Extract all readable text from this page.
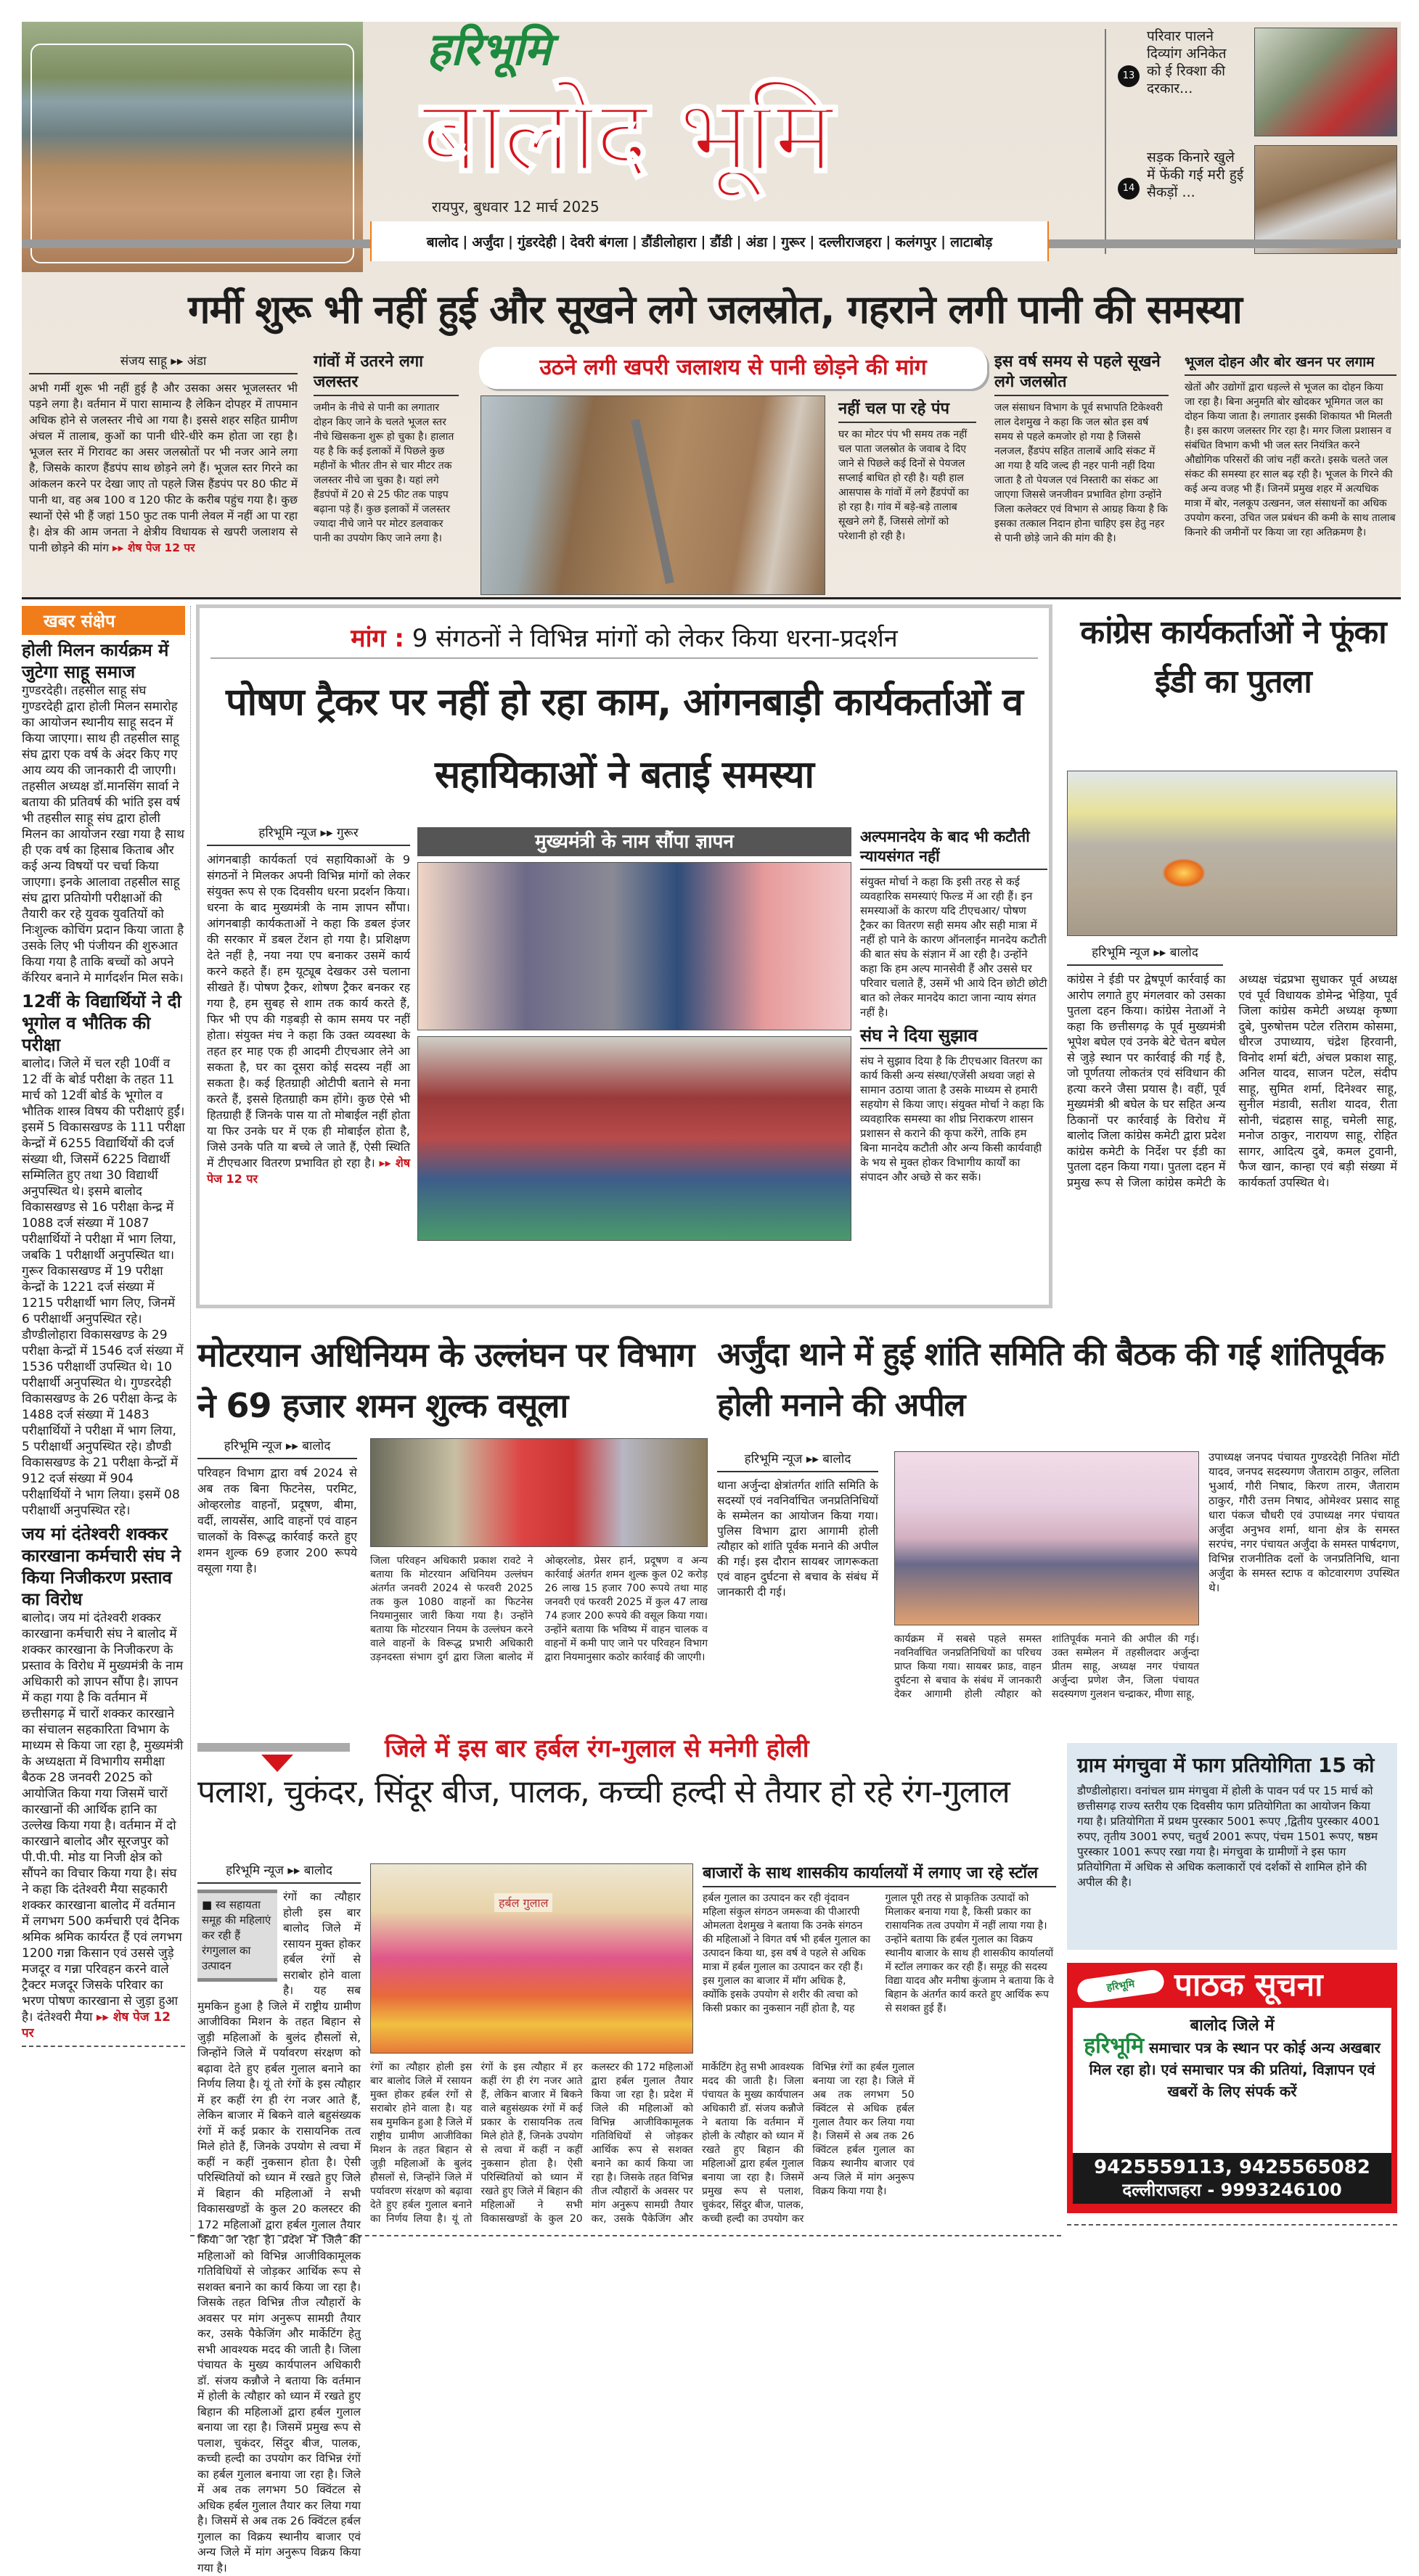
हरिभूमि
बालोद भूमि
रायपुर, बुधवार 12 मार्च 2025
13
परिवार पालने दिव्यांग अनिकेत को ई रिक्शा की दरकार...
14
सड़क किनारे खुले में फेंकी गई मरी हुई सैकड़ों ...
बालोद | अर्जुंदा | गुंडरदेही | देवरी बंगला | डौंडीलोहारा | डौंडी | अंडा | गुरूर | दल्लीराजहरा | कलंगपुर | लाटाबोड़
गर्मी शुरू भी नहीं हुई और सूखने लगे जलस्रोत, गहराने लगी पानी की समस्या
संजय साहू ▸▸ अंडा
अभी गर्मी शुरू भी नहीं हुई है और उसका असर भूजलस्तर भी पड़ने लगा है। वर्तमान में पारा सामान्य है लेकिन दोपहर में तापमान अधिक होने से जलस्तर नीचे आ गया है। इससे शहर सहित ग्रामीण अंचल में तालाब, कुओं का पानी धीरे-धीरे कम होता जा रहा है। भूजल स्तर में गिरावट का असर जलस्रोतों पर भी नजर आने लगा है, जिसके कारण हैंडपंप साथ छोड़ने लगे हैं। भूजल स्तर गिरने का आंकलन करने पर देखा जाए तो पहले जिस हैंडपंप पर 80 फीट में पानी था, वह अब 100 व 120 फीट के करीब पहुंच गया है। कुछ स्थानों ऐसे भी हैं जहां 150 फुट तक पानी लेवल में नहीं आ पा रहा है। क्षेत्र की आम जनता ने क्षेत्रीय विधायक से खपरी जलाशय से पानी छोड़ने की मांग ▸▸ शेष पेज 12 पर
गांवों में उतरने लगा जलस्तर
जमीन के नीचे से पानी का लगातार दोहन किए जाने के चलते भूजल स्तर नीचे खिसकना शुरू हो चुका है। हालात यह है कि कई इलाकों में पिछले कुछ महीनों के भीतर तीन से चार मीटर तक जलस्तर नीचे जा चुका है। यहां लगे हैंडपंपों में 20 से 25 फीट तक पाइप बढ़ाना पड़े हैं। कुछ इलाकों में जलस्तर ज्यादा नीचे जाने पर मोटर डलवाकर पानी का उपयोग किए जाने लगा है।
उठने लगी खपरी जलाशय से पानी छोड़ने की मांग
नहीं चल पा रहे पंप
घर का मोटर पंप भी समय तक नहीं चल पाता जलस्रोत के जवाब दे दिए जाने से पिछले कई दिनों से पेयजल सप्लाई बाधित हो रही है। यही हाल आसपास के गांवों में लगे हैंडपंपों का हो रहा है। गांव में बड़े-बड़े तालाब सूखने लगे हैं, जिससे लोगों को परेशानी हो रही है।
इस वर्ष समय से पहले सूखने लगे जलस्रोत
जल संसाधन विभाग के पूर्व सभापति टिकेश्वरी लाल देशमुख ने कहा कि जल स्रोत इस वर्ष समय से पहले कमजोर हो गया है जिससे नलजल, हैंडपंप सहित तालाबें आदि संकट में आ गया है यदि जल्द ही नहर पानी नहीं दिया जाता है तो पेयजल एवं निस्तारी का संकट आ जाएगा जिससे जनजीवन प्रभावित होगा उन्होंने जिला कलेक्टर एवं विभाग से आग्रह किया है कि इसका तत्काल निदान होना चाहिए इस हेतु नहर से पानी छोड़े जाने की मांग की है।
भूजल दोहन और बोर खनन पर लगाम
खेतों और उद्योगों द्वारा धड़ल्ले से भूजल का दोहन किया जा रहा है। बिना अनुमति बोर खोदकर भूमिगत जल का दोहन किया जाता है। लगातार इसकी शिकायत भी मिलती है। इस कारण जलस्तर गिर रहा है। मगर जिला प्रशासन व संबंधित विभाग कभी भी जल स्तर नियंत्रित करने औद्योगिक परिसरों की जांच नहीं करते। इसके चलते जल संकट की समस्या हर साल बढ़ रही है। भूजल के गिरने की कई अन्य वजह भी हैं। जिनमें प्रमुख शहर में अत्यधिक मात्रा में बोर, नलकूप उत्खनन, जल संसाधनों का अधिक उपयोग करना, उचित जल प्रबंधन की कमी के साथ तालाब किनारे की जमीनों पर किया जा रहा अतिक्रमण है।
खबर संक्षेप
होली मिलन कार्यक्रम में जुटेगा साहू समाज
गुण्डरदेही। तहसील साहू संघ गुण्डरदेही द्वारा होली मिलन समारोह का आयोजन स्थानीय साहू सदन में किया जाएगा। साथ ही तहसील साहू संघ द्वारा एक वर्ष के अंदर किए गए आय व्यय की जानकारी दी जाएगी। तहसील अध्यक्ष डॉ.मानसिंग सार्वा ने बताया की प्रतिवर्ष की भांति इस वर्ष भी तहसील साहू संघ द्वारा होली मिलन का आयोजन रखा गया है साथ ही एक वर्ष का हिसाब किताब और कई अन्य विषयों पर चर्चा किया जाएगा। इनके आलावा तहसील साहू संघ द्वारा प्रतियोगी परीक्षाओं की तैयारी कर रहे युवक युवतियों को निःशुल्क कोचिंग प्रदान किया जाता है उसके लिए भी पंजीयन की शुरुआत किया गया है ताकि बच्चों को अपने कॅरियर बनाने मे मार्गदर्शन मिल सके।
12वीं के विद्यार्थियों ने दी भूगोल व भौतिक की परीक्षा
बालोद। जिले में चल रही 10वीं व 12 वीं के बोर्ड परीक्षा के तहत 11 मार्च को 12वीं बोर्ड के भूगोल व भौतिक शास्त्र विषय की परीक्षाएं हुईं। इसमें 5 विकासखण्ड के 111 परीक्षा केन्द्रों में 6255 विद्यार्थियों की दर्ज संख्या थी, जिसमें 6225 विद्यार्थी सम्मिलित हुए तथा 30 विद्यार्थी अनुपस्थित थे। इसमे बालोद विकासखण्ड से 16 परीक्षा केन्द्र में 1088 दर्ज संख्या में 1087 परीक्षार्थियों ने परीक्षा में भाग लिया, जबकि 1 परीक्षार्थी अनुपस्थित था। गुरूर विकासखण्ड में 19 परीक्षा केन्द्रों के 1221 दर्ज संख्या में 1215 परीक्षार्थी भाग लिए, जिनमें 6 परीक्षार्थी अनुपस्थित रहे। डौण्डीलोहारा विकासखण्ड के 29 परीक्षा केन्द्रों में 1546 दर्ज संख्या में 1536 परीक्षार्थी उपस्थित थे। 10 परीक्षार्थी अनुपस्थित थे। गुण्डरदेही विकासखण्ड के 26 परीक्षा केन्द्र के 1488 दर्ज संख्या में 1483 परीक्षार्थियों ने परीक्षा में भाग लिया, 5 परीक्षार्थी अनुपस्थित रहे। डौण्डी विकासखण्ड के 21 परीक्षा केन्द्रों में 912 दर्ज संख्या में 904 परीक्षार्थियों ने भाग लिया। इसमें 08 परीक्षार्थी अनुपस्थित रहे।
जय मां दंतेश्वरी शक्कर कारखाना कर्मचारी संघ ने किया निजीकरण प्रस्ताव का विरोध
बालोद। जय मां दंतेश्वरी शक्कर कारखाना कर्मचारी संघ ने बालोद में शक्कर कारखाना के निजीकरण के प्रस्ताव के विरोध में मुख्यमंत्री के नाम अधिकारी को ज्ञापन सौंपा है। ज्ञापन में कहा गया है कि वर्तमान में छत्तीसगढ़ में चारों शक्कर कारखाने का संचालन सहकारिता विभाग के माध्यम से किया जा रहा है, मुख्यमंत्री के अध्यक्षता में विभागीय समीक्षा बैठक 28 जनवरी 2025 को आयोजित किया गया जिसमें चारों कारखानों की आर्थिक हानि का उल्लेख किया गया है। वर्तमान में दो कारखाने बालोद और सूरजपुर को पी.पी.पी. मोड या निजी क्षेत्र को सौंपने का विचार किया गया है। संघ ने कहा कि दंतेश्वरी मैया सहकारी शक्कर कारखाना बालोद में वर्तमान में लगभग 500 कर्मचारी एवं दैनिक श्रमिक श्रमिक कार्यरत हैं एवं लगभग 1200 गन्ना किसान एवं उससे जुड़े मजदूर व गन्ना परिवहन करने वाले ट्रैक्टर मजदूर जिसके परिवार का भरण पोषण कारखाना से जुड़ा हुआ है। दंतेश्वरी मैया ▸▸ शेष पेज 12 पर
मांग : 9 संगठनों ने विभिन्न मांगों को लेकर किया धरना-प्रदर्शन
पोषण ट्रैकर पर नहीं हो रहा काम, आंगनबाड़ी कार्यकर्ताओं व सहायिकाओं ने बताई समस्या
हरिभूमि न्यूज ▸▸ गुरूर
आंगनबाड़ी कार्यकर्ता एवं सहायिकाओं के 9 संगठनों ने मिलकर अपनी विभिन्न मांगों को लेकर संयुक्त रूप से एक दिवसीय धरना प्रदर्शन किया। धरना के बाद मुख्यमंत्री के नाम ज्ञापन सौंपा। आंगनबाड़ी कार्यकताओं ने कहा कि डबल इंजर की सरकार में डबल टेंशन हो गया है। प्रशिक्षण देते नहीं है, नया नया एप बनाकर उसमें कार्य करने कहते हैं। हम यूट्यूब देखकर उसे चलाना सीखते हैं। पोषण ट्रैकर, शोषण ट्रैकर बनकर रह गया है, हम सुबह से शाम तक कार्य करते हैं, फिर भी एप की गड़बड़ी से काम समय पर नहीं होता। संयुक्त मंच ने कहा कि उक्त व्यवस्था के तहत हर माह एक ही आदमी टीएचआर लेने आ सकता है, घर का दूसरा कोई सदस्य नहीं आ सकता है। कई हितग्राही ओटीपी बताने से मना करते हैं, इससे हितग्राही कम होंगे। कुछ ऐसे भी हितग्राही हैं जिनके पास या तो मोबाईल नहीं होता या फिर उनके घर में एक ही मोबाईल होता है, जिसे उनके पति या बच्चे ले जाते हैं, ऐसी स्थिति में टीएचआर वितरण प्रभावित हो रहा है। ▸▸ शेष पेज 12 पर
मुख्यमंत्री के नाम सौंपा ज्ञापन	अल्पमानदेय के बाद भी कटौती न्यायसंगत नहीं
संयुक्त मोर्चा ने कहा कि इसी तरह से कई व्यवहारिक समस्याएं फिल्ड में आ रही हैं। इन समस्याओं के कारण यदि टीएचआर/ पोषण ट्रैकर का वितरण सही समय और सही मात्रा में नहीं हो पाने के कारण ऑनलाईन मानदेय कटौती की बात संघ के संज्ञान में आ रही है। उन्होंने कहा कि हम अल्प मानसेवी हैं और उससे घर परिवार चलाते हैं, उसमें भी आये दिन छोटी छोटी बात को लेकर मानदेय काटा जाना न्याय संगत नहीं है।
संघ ने दिया सुझाव
संघ ने सुझाव दिया है कि टीएचआर वितरण का कार्य किसी अन्य संस्था/एजेंसी अथवा जहां से सामान उठाया जाता है उसके माध्यम से हमारी सहयोग से किया जाए। संयुक्त मोर्चा ने कहा कि व्यवहारिक समस्या का शीघ्र निराकरण शासन प्रशासन से कराने की कृपा करेंगे, ताकि हम बिना मानदेय कटौती और अन्य किसी कार्यवाही के भय से मुक्त होकर विभागीय कार्यों का संपादन और अच्छे से कर सकें।
कांग्रेस कार्यकर्ताओं ने फूंका ईडी का पुतला
हरिभूमि न्यूज ▸▸ बालोद
कांग्रेस ने ईडी पर द्वेषपूर्ण कार्रवाई का आरोप लगाते हुए मंगलवार को उसका पुतला दहन किया। कांग्रेस नेताओं ने कहा कि छत्तीसगढ़ के पूर्व मुख्यमंत्री भूपेश बघेल एवं उनके बेटे चेतन बघेल से जुड़े स्थान पर कार्रवाई की गई है, जो पूर्णतया लोकतंत्र एवं संविधान की हत्या करने जैसा प्रयास है। वहीं, पूर्व मुख्यमंत्री श्री बघेल के घर सहित अन्य ठिकानों पर कार्रवाई के विरोध में बालोद जिला कांग्रेस कमेटी द्वारा प्रदेश कांग्रेस कमेटी के निर्देश पर ईडी का पुतला दहन किया गया। पुतला दहन में प्रमुख रूप से जिला कांग्रेस कमेटी के अध्यक्ष चंद्रप्रभा सुधाकर पूर्व अध्यक्ष एवं पूर्व विधायक डोमेन्द्र भेड़िया, पूर्व जिला कांग्रेस कमेटी अध्यक्ष कृष्णा दुबे, पुरुषोत्तम पटेल रतिराम कोसमा, धीरज उपाध्याय, चंद्रेश हिरवानी, विनोद शर्मा बंटी, अंचल प्रकाश साहू, अनिल यादव, साजन पटेल, संदीप साहू, सुमित शर्मा, दिनेश्वर साहू, सुनील मंडावी, सतीश यादव, रीता सोनी, चंद्रहास साहू, चमेली साहू, मनोज ठाकुर, नारायण साहू, रोहित सागर, आदित्य दुबे, कमल टुवानी, फैज खान, कान्हा एवं बड़ी संख्या में कार्यकर्ता उपस्थित थे।
मोटरयान अधिनियम के उल्लंघन पर विभाग ने 69 हजार शमन शुल्क वसूला
हरिभूमि न्यूज ▸▸ बालोद
परिवहन विभाग द्वारा वर्ष 2024 से अब तक बिना फिटनेस, परमिट, ओव्हरलोड वाहनों, प्रदूषण, बीमा, वर्दी, लायसेंस, आदि वाहनों एवं वाहन चालकों के विरूद्ध कार्रवाई करते हुए शमन शुल्क 69 हजार 200 रूपये वसूला गया है।
जिला परिवहन अधिकारी प्रकाश रावटे ने बताया कि मोटरयान अधिनियम उल्लंघन अंतर्गत जनवरी 2024 से फरवरी 2025 तक कुल 1080 वाहनों का फिटनेस नियमानुसार जारी किया गया है। उन्होंने बताया कि मोटरयान नियम के उल्लंघन करने वाले वाहनों के विरूद्ध प्रभारी अधिकारी उड़नदस्ता संभाग दुर्ग द्वारा जिला बालोद में ओव्हरलोड, प्रेसर हार्न, प्रदूषण व अन्य कार्रवाई अंतर्गत शमन शुल्क कुल 02 करोड़ 26 लाख 15 हजार 700 रूपये तथा माह जनवरी एवं फरवरी 2025 में कुल 47 लाख 74 हजार 200 रूपये की वसूल किया गया। उन्होंने बताया कि भविष्य में वाहन चालक व वाहनों में कमी पाए जाने पर परिवहन विभाग द्वारा नियमानुसार कठोर कार्रवाई की जाएगी।
अर्जुंदा थाने में हुई शांति समिति की बैठक की गई शांतिपूर्वक होली मनाने की अपील
हरिभूमि न्यूज ▸▸ बालोद
थाना अर्जुन्दा क्षेत्रांतर्गत शांति समिति के सदस्यों एवं नवनिर्वाचित जनप्रतिनिधियों के सम्मेलन का आयोजन किया गया। पुलिस विभाग द्वारा आगामी होली त्यौहार को शांति पूर्वक मनाने की अपील की गई। इस दौरान सायबर जागरूकता एवं वाहन दुर्घटना से बचाव के संबंध में जानकारी दी गई।
उपाध्यक्ष जनपद पंचायत गुण्डरदेही नितिश मोंटी यादव, जनपद सदस्यगण जैताराम ठाकुर, ललिता भुआर्य, गौरी निषाद, किरण तारम, जैताराम ठाकुर, गौरी उत्तम निषाद, ओमेश्वर प्रसाद साहू धारा पंकज चौधरी एवं उपाध्यक्ष नगर पंचायत अर्जुंदा अनुभव शर्मा, थाना क्षेत्र के समस्त सरपंच, नगर पंचायत अर्जुंदा के समस्त पार्षदगण, विभिन्न राजनीतिक दलों के जनप्रतिनिधि, थाना अर्जुंदा के समस्त स्टाफ व कोटवारगण उपस्थित थे।
कार्यक्रम में सबसे पहले समस्त नवनिर्वाचित जनप्रतिनिधियों का परिचय प्राप्त किया गया। सायबर फ्राड, वाहन दुर्घटना से बचाव के संबंध में जानकारी देकर आगामी होली त्यौहार को शांतिपूर्वक मनाने की अपील की गई। उक्त सम्मेलन में तहसीलदार अर्जुन्दा प्रीतम साहू, अध्यक्ष नगर पंचायत अर्जुन्दा प्रणेश जैन, जिला पंचायत सदस्यगण गुलशन चन्द्राकर, मीणा साहू,
जिले में इस बार हर्बल रंग-गुलाल से मनेगी होली
पलाश, चुकंदर, सिंदूर बीज, पालक, कच्ची हल्दी से तैयार हो रहे रंग-गुलाल
हरिभूमि न्यूज ▸▸ बालोद
■ स्व सहायता समूह की महिलाएं कर रही हैं रंगगुलाल का उत्पादन
रंगों का त्यौहार होली इस बार बालोद जिले में रसायन मुक्त होकर हर्बल रंगों से सराबोर होने वाला है। यह सब मुमकिन हुआ है जिले में राष्ट्रीय ग्रामीण आजीविका मिशन के तहत बिहान से जुड़ी महिलाओं के बुलंद हौसलों से, जिन्होंने जिले में पर्यावरण संरक्षण को बढ़ावा देते हुए हर्बल गुलाल बनाने का निर्णय लिया है। यूं तो रंगों के इस त्यौहार में हर कहीं रंग ही रंग नजर आते हैं, लेकिन बाजार में बिकने वाले बहुसंख्यक रंगों में कई प्रकार के रासायनिक तत्व मिले होते हैं, जिनके उपयोग से त्वचा में कहीं न कहीं नुकसान होता है। ऐसी परिस्थितियों को ध्यान में रखते हुए जिले में बिहान की महिलाओं ने सभी विकासखण्डों के कुल 20 कलस्टर की 172 महिलाओं द्वारा हर्बल गुलाल तैयार किया जा रहा है। प्रदेश में जिले की महिलाओं को विभिन्न आजीविकामूलक गतिविधियों से जोड़कर आर्थिक रूप से सशक्त बनाने का कार्य किया जा रहा है। जिसके तहत विभिन्न तीज त्यौहारों के अवसर पर मांग अनुरूप सामग्री तैयार कर, उसके पैकेजिंग और मार्केटिंग हेतु सभी आवश्यक मदद की जाती है। जिला पंचायत के मुख्य कार्यपालन अधिकारी डॉ. संजय कन्नौजे ने बताया कि वर्तमान में होली के त्यौहार को ध्यान में रखते हुए बिहान की महिलाओं द्वारा हर्बल गुलाल बनाया जा रहा है। जिसमें प्रमुख रूप से पलाश, चुकंदर, सिंदुर बीज, पालक, कच्ची हल्दी का उपयोग कर विभिन्न रंगों का हर्बल गुलाल बनाया जा रहा है। जिले में अब तक लगभग 50 क्विंटल से अधिक हर्बल गुलाल तैयार कर लिया गया है। जिसमें से अब तक 26 क्विंटल हर्बल गुलाल का विक्रय स्थानीय बाजार एवं अन्य जिले में मांग अनुरूप विक्रय किया गया है।
हर्बल गुलाल
रंगों का त्यौहार होली इस बार बालोद जिले में रसायन मुक्त होकर हर्बल रंगों से सराबोर होने वाला है। यह सब मुमकिन हुआ है जिले में राष्ट्रीय ग्रामीण आजीविका मिशन के तहत बिहान से जुड़ी महिलाओं के बुलंद हौसलों से, जिन्होंने जिले में पर्यावरण संरक्षण को बढ़ावा देते हुए हर्बल गुलाल बनाने का निर्णय लिया है। यूं तो रंगों के इस त्यौहार में हर कहीं रंग ही रंग नजर आते हैं, लेकिन बाजार में बिकने वाले बहुसंख्यक रंगों में कई प्रकार के रासायनिक तत्व मिले होते हैं, जिनके उपयोग से त्वचा में कहीं न कहीं नुकसान होता है। ऐसी परिस्थितियों को ध्यान में रखते हुए जिले में बिहान की महिलाओं ने सभी विकासखण्डों के कुल 20 कलस्टर की 172 महिलाओं द्वारा हर्बल गुलाल तैयार किया जा रहा है। प्रदेश में जिले की महिलाओं को विभिन्न आजीविकामूलक गतिविधियों से जोड़कर आर्थिक रूप से सशक्त बनाने का कार्य किया जा रहा है। जिसके तहत विभिन्न तीज त्यौहारों के अवसर पर मांग अनुरूप सामग्री तैयार कर, उसके पैकेजिंग और मार्केटिंग हेतु सभी आवश्यक मदद की जाती है। जिला पंचायत के मुख्य कार्यपालन अधिकारी डॉ. संजय कन्नौजे ने बताया कि वर्तमान में होली के त्यौहार को ध्यान में रखते हुए बिहान की महिलाओं द्वारा हर्बल गुलाल बनाया जा रहा है। जिसमें प्रमुख रूप से पलाश, चुकंदर, सिंदुर बीज, पालक, कच्ची हल्दी का उपयोग कर विभिन्न रंगों का हर्बल गुलाल बनाया जा रहा है। जिले में अब तक लगभग 50 क्विंटल से अधिक हर्बल गुलाल तैयार कर लिया गया है। जिसमें से अब तक 26 क्विंटल हर्बल गुलाल का विक्रय स्थानीय बाजार एवं अन्य जिले में मांग अनुरूप विक्रय किया गया है।
बाजारों के साथ शासकीय कार्यालयों में लगाए जा रहे स्टॉल
हर्बल गुलाल का उत्पादन कर रही वृंदावन महिला संकुल संगठन जमरूवा की पीआरपी ओमलता देशमुख ने बताया कि उनके संगठन की महिलाओं ने विगत वर्ष भी हर्बल गुलाल का उत्पादन किया था, इस वर्ष वे पहले से अधिक मात्रा में हर्बल गुलाल का उत्पादन कर रही हैं। इस गुलाल का बाजार में मॉग अधिक है, क्योंकि इसके उपयोग से शरीर की त्वचा को किसी प्रकार का नुकसान नहीं होता है, यह गुलाल पूरी तरह से प्राकृतिक उत्पादों को मिलाकर बनाया गया है, किसी प्रकार का रासायनिक तत्व उपयोग में नहीं लाया गया है। उन्होंने बताया कि हर्बल गुलाल का विक्रय स्थानीय बाजार के साथ ही शासकीय कार्यालयों में स्टॉल लगाकर कर रही हैं। समूह की सदस्य विद्या यादव और मनीषा कुंजाम ने बताया कि वे बिहान के अंतर्गत कार्य करते हुए आर्थिक रूप से सशक्त हुई हैं।
ग्राम मंगचुवा में फाग प्रतियोगिता 15 को
डौण्डीलोहारा। वनांचल ग्राम मंगचुवा में होली के पावन पर्व पर 15 मार्च को छत्तीसगढ़ राज्य स्तरीय एक दिवसीय फाग प्रतियोगिता का आयोजन किया गया है। प्रतियोगिता में प्रथम पुरस्कार 5001 रूपए ,द्वितीय पुरस्कार 4001 रुपए, तृतीय 3001 रुपए, चतुर्थ 2001 रूपए, पंचम 1501 रूपए, षष्ठम पुरस्कार 1001 रूपए रखा गया है। मंगचुवा के ग्रामीणों ने इस फाग प्रतियोगिता में अधिक से अधिक कलाकारों एवं दर्शकों से शामिल होने की अपील की है।
हरिभूमि	पाठक सूचना
बालोद जिले में
हरिभूमि समाचार पत्र के स्थान पर कोई अन्य अखबार मिल रहा हो। एवं समाचार पत्र की प्रतियां, विज्ञापन एवं खबरों के लिए संपर्क करें
9425559113, 9425565082
दल्लीराजहरा - 9993246100
